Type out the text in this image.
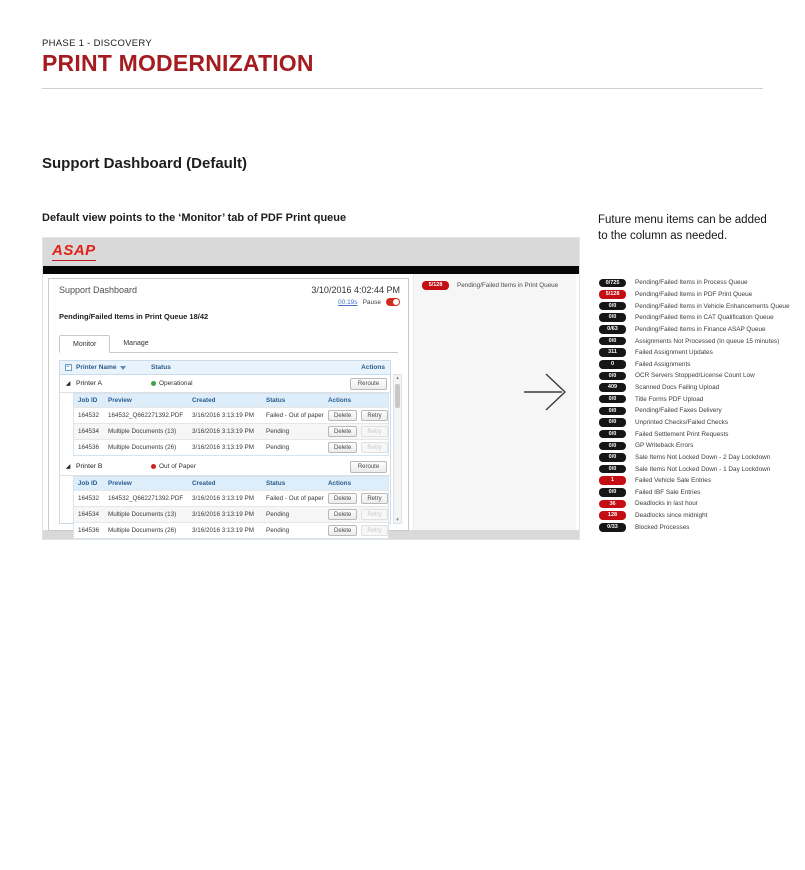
PHASE 1 - DISCOVERY
PRINT MODERNIZATION
Support Dashboard (Default)
Default view points to the ‘Monitor’ tab of PDF Print queue
ASAP
5/128	Pending/Failed Items in Print Queue
Support Dashboard	3/10/2016 4:02:44 PM
00:19s Pause
Pending/Failed Items in Print Queue 18/42
Monitor	Manage
− Printer Name	Status	Actions
◢ Printer A	Operational	Reroute
Job ID	Preview	Created	Status	Actions
164532	164532_Q662271392.PDF	3/16/2016 3:13:19 PM	Failed - Out of paper	Delete	Retry
164534	Multiple Documents (13)	3/16/2016 3:13:19 PM	Pending	Delete	Retry
164536	Multiple Documents (26)	3/16/2016 3:13:19 PM	Pending	Delete	Retry
◢ Printer B	Out of Paper	Reroute
Job ID	Preview	Created	Status	Actions
164532	164532_Q662271392.PDF	3/16/2016 3:13:19 PM	Failed - Out of paper	Delete	Retry
164534	Multiple Documents (13)	3/16/2016 3:13:19 PM	Pending	Delete	Retry
164536	Multiple Documents (26)	3/16/2016 3:13:19 PM	Pending	Delete	Retry
▴
▾
Future menu items can be added to the column as needed.
0/725	Pending/Failed Items in Process Queue
5/128	Pending/Failed Items in PDF Print Queue
0/0	Pending/Failed Items in Vehicle Enhancements Queue
0/0	Pending/Failed Items in CAT Qualification Queue
0/63	Pending/Failed Items in Finance ASAP Queue
0/0	Assignments Not Processed (In queue 15 minutes)
311	Failed Assignment Updates
0	Failed Assignments
0/0	OCR Servers Stopped/License Count Low
409	Scanned Docs Failing Upload
0/0	Title Forms PDF Upload
0/0	Pending/Failed Faxes Delivery
0/0	Unprinted Checks/Failed Checks
0/0	Failed Settlement Print Requests
0/0	GP Writeback Errors
0/0	Sale Items Not Locked Down - 2 Day Lockdown
0/0	Sale Items Not Locked Down - 1 Day Lockdown
1	Failed Vehicle Sale Entries
0/0	Failed IBF Sale Entries
36	Deadlocks in last hour
128	Deadlocks since midnight
0/33	Blocked Processes
